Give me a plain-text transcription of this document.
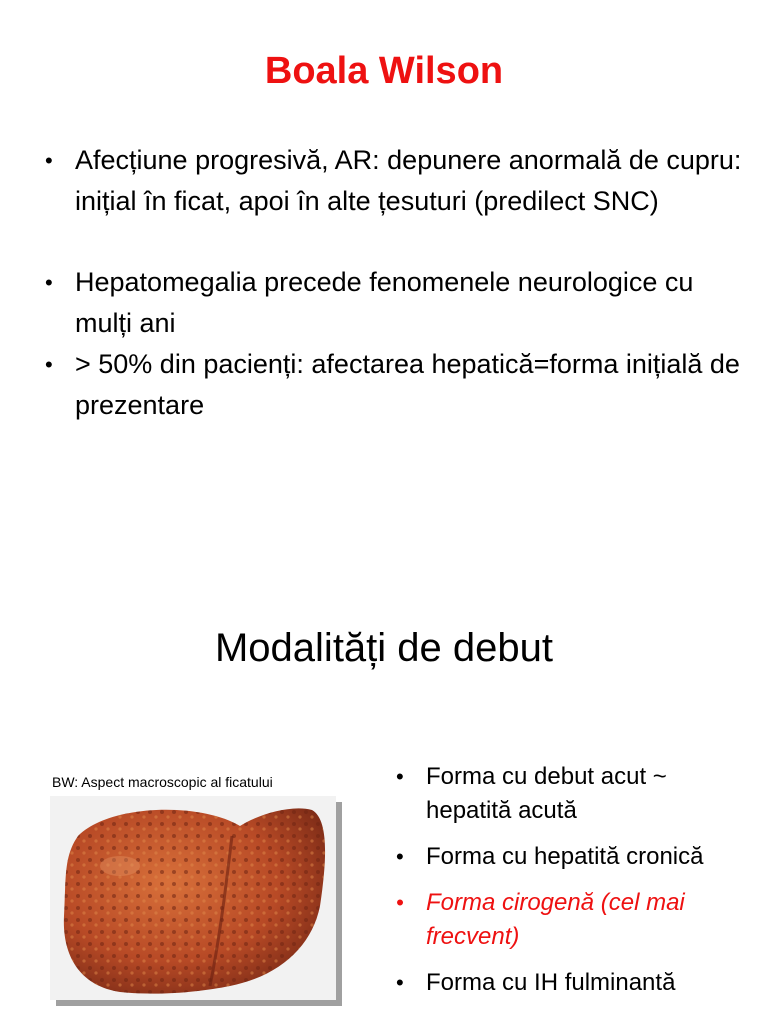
Boala Wilson
• Afecțiune progresivă, AR: depunere anormală de cupru: inițial în ficat, apoi în alte țesuturi (predilect SNC)
• Hepatomegalia precede fenomenele neurologice cu mulți ani
• > 50% din pacienți: afectarea hepatică=forma inițială de prezentare
Modalități de debut
BW: Aspect macroscopic al ficatului	• Forma cu debut acut ~ hepatită acută
• Forma cu hepatită cronică
• Forma cirogenă (cel mai frecvent)
• Forma cu IH fulminantă
